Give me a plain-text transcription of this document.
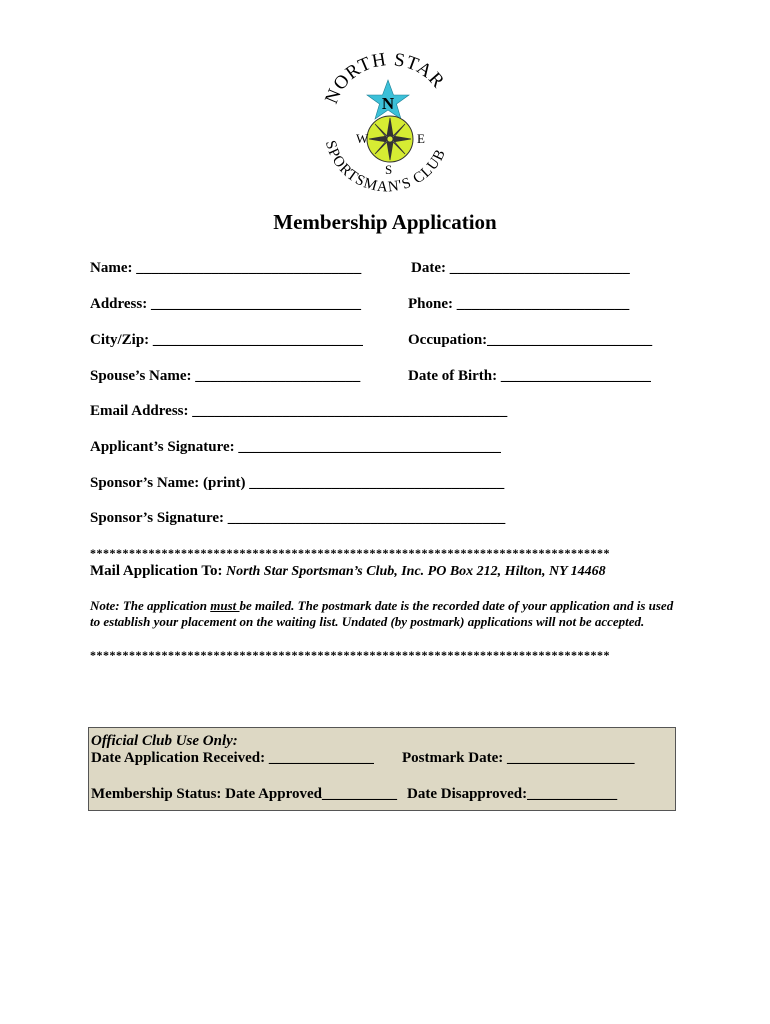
NORTH STAR
SPORTSMAN'S CLUB
N
W	E
S
Membership Application
Name: ______________________________	Date: ________________________
Address: ____________________________	Phone: _______________________
City/Zip: ____________________________	Occupation:______________________
Spouse’s Name: ______________________	Date of Birth: ____________________
Email Address: __________________________________________
Applicant’s Signature: ___________________________________
Sponsor’s Name: (print) __________________________________
Sponsor’s Signature: _____________________________________
********************************************************************************
Mail Application To: North Star Sportsman’s Club, Inc. PO Box 212, Hilton, NY 14468
Note: The application must be mailed. The postmark date is the recorded date of your application and is used to establish your placement on the waiting list. Undated (by postmark) applications will not be accepted.
********************************************************************************
Official Club Use Only:
Date Application Received: ______________ Postmark Date: _________________
Membership Status: Date Approved__________ Date Disapproved:____________
